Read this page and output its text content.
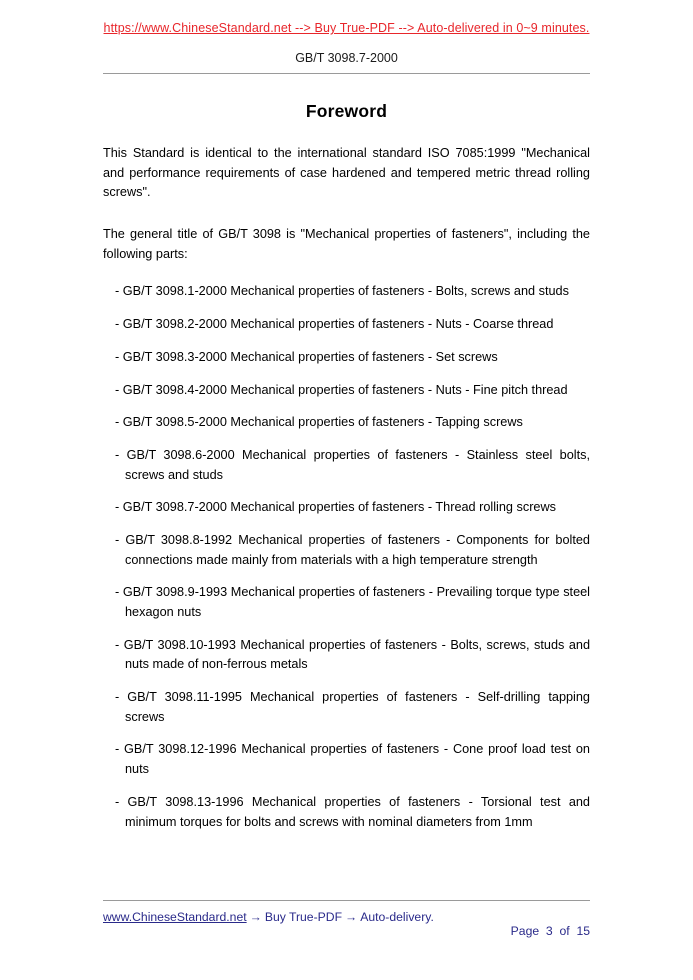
https://www.ChineseStandard.net --> Buy True-PDF --> Auto-delivered in 0~9 minutes.
GB/T 3098.7-2000
Foreword

This Standard is identical to the international standard ISO 7085:1999 "Mechanical and performance requirements of case hardened and tempered metric thread rolling screws".

The general title of GB/T 3098 is "Mechanical properties of fasteners", including the following parts:

- GB/T 3098.1-2000 Mechanical properties of fasteners - Bolts, screws and studs
- GB/T 3098.2-2000 Mechanical properties of fasteners - Nuts - Coarse thread
- GB/T 3098.3-2000 Mechanical properties of fasteners - Set screws
- GB/T 3098.4-2000 Mechanical properties of fasteners - Nuts - Fine pitch thread
- GB/T 3098.5-2000 Mechanical properties of fasteners - Tapping screws
- GB/T 3098.6-2000 Mechanical properties of fasteners - Stainless steel bolts, screws and studs
- GB/T 3098.7-2000 Mechanical properties of fasteners - Thread rolling screws
- GB/T 3098.8-1992 Mechanical properties of fasteners - Components for bolted connections made mainly from materials with a high temperature strength
- GB/T 3098.9-1993 Mechanical properties of fasteners - Prevailing torque type steel hexagon nuts
- GB/T 3098.10-1993 Mechanical properties of fasteners - Bolts, screws, studs and nuts made of non-ferrous metals
- GB/T 3098.11-1995 Mechanical properties of fasteners - Self-drilling tapping screws
- GB/T 3098.12-1996 Mechanical properties of fasteners - Cone proof load test on nuts
- GB/T 3098.13-1996 Mechanical properties of fasteners - Torsional test and minimum torques for bolts and screws with nominal diameters from 1mm
www.ChineseStandard.net → Buy True-PDF → Auto-delivery.

Page 3 of 15
